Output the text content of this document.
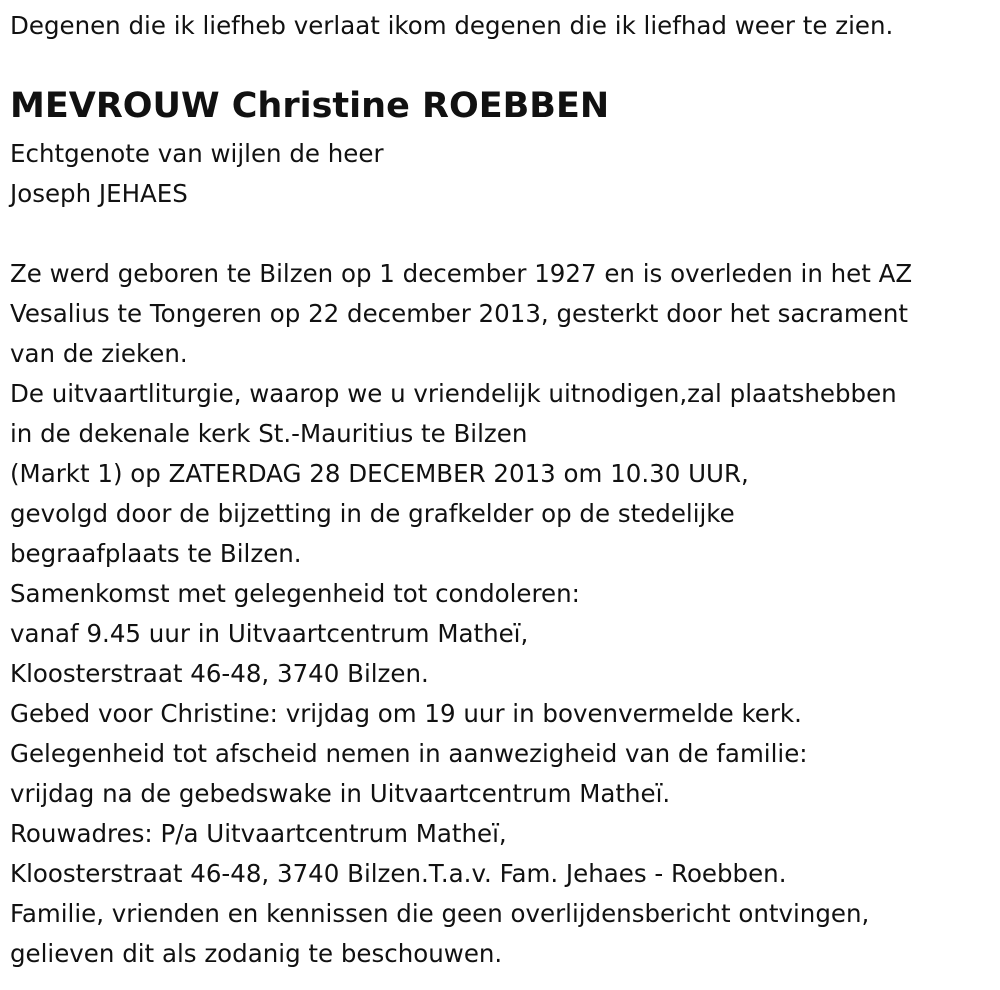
Degenen die ik liefheb verlaat ikom degenen die ik liefhad weer te zien.
MEVROUW Christine ROEBBEN
Echtgenote van wijlen de heer
Joseph JEHAES
Ze werd geboren te Bilzen op 1 december 1927 en is overleden in het AZ
Vesalius te Tongeren op 22 december 2013, gesterkt door het sacrament
van de zieken.
De uitvaartliturgie, waarop we u vriendelijk uitnodigen,zal plaatshebben
in de dekenale kerk St.-Mauritius te Bilzen
(Markt 1) op ZATERDAG 28 DECEMBER 2013 om 10.30 UUR,
gevolgd door de bijzetting in de grafkelder op de stedelijke
begraafplaats te Bilzen.
Samenkomst met gelegenheid tot condoleren:
vanaf 9.45 uur in Uitvaartcentrum Matheï,
Kloosterstraat 46-48, 3740 Bilzen.
Gebed voor Christine: vrijdag om 19 uur in bovenvermelde kerk.
Gelegenheid tot afscheid nemen in aanwezigheid van de familie:
vrijdag na de gebedswake in Uitvaartcentrum Matheï.
Rouwadres: P/a Uitvaartcentrum Matheï,
Kloosterstraat 46-48, 3740 Bilzen.T.a.v. Fam. Jehaes - Roebben.
Familie, vrienden en kennissen die geen overlijdensbericht ontvingen,
gelieven dit als zodanig te beschouwen.
